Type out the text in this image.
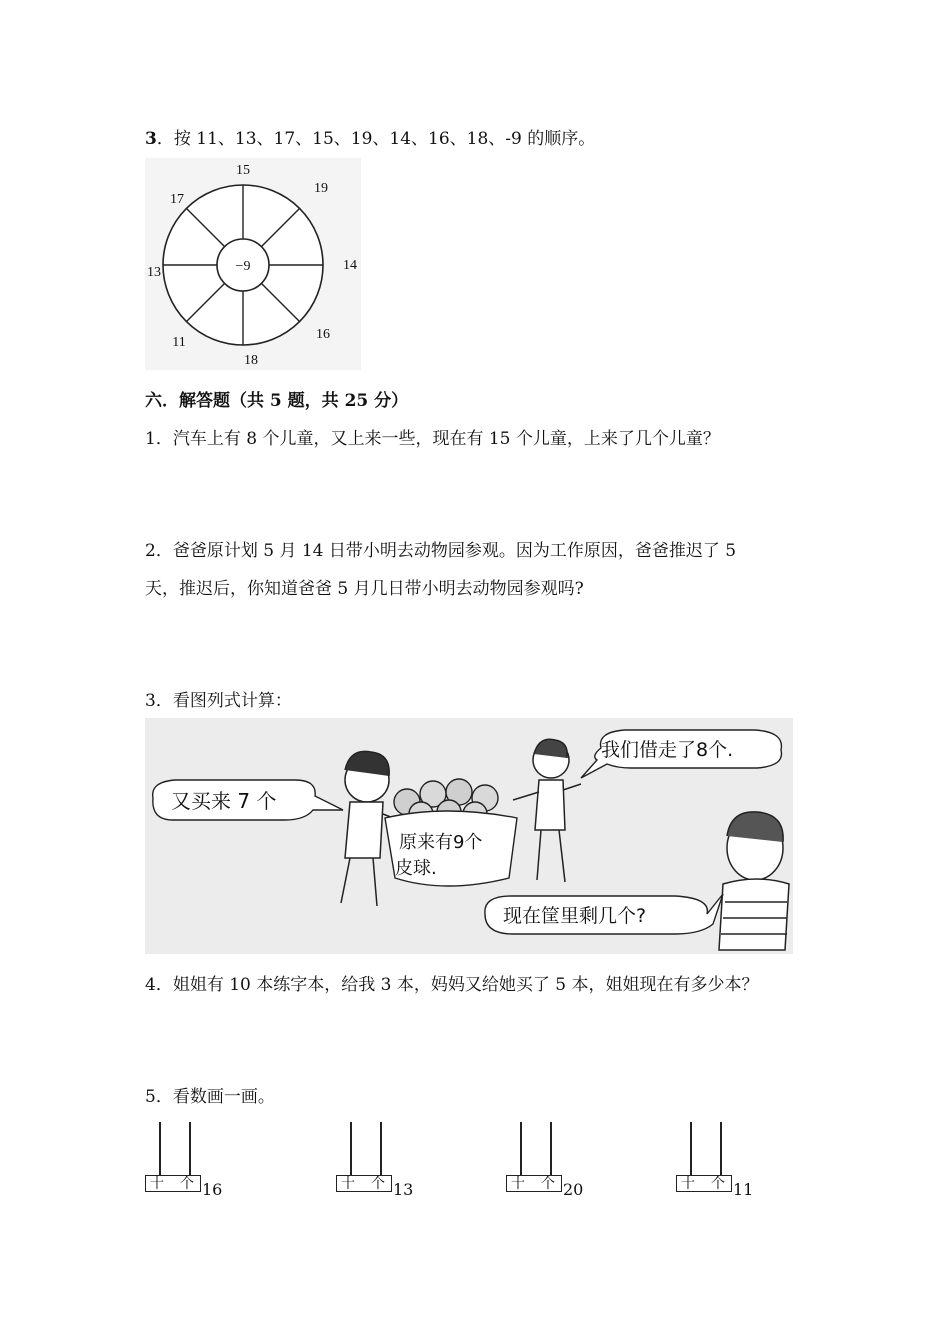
3．按 11、13、17、15、19、14、16、18、-9 的顺序。
−9
15
19
14
16
18
11
13
17
六．解答题（共 5 题，共 25 分）
1．汽车上有 8 个儿童，又上来一些，现在有 15 个儿童，上来了几个儿童？
2．爸爸原计划 5 月 14 日带小明去动物园参观。因为工作原因，爸爸推迟了 5
天，推迟后，你知道爸爸 5 月几日带小明去动物园参观吗?
3．看图列式计算：
又买来 7 个
原来有9个
皮球.
我们借走了8个.
现在筐里剩几个?
4．姐姐有 10 本练字本，给我 3 本，妈妈又给她买了 5 本，姐姐现在有多少本？
5．看数画一画。
十 个 16	十 个 13	十 个 20	十 个 11
